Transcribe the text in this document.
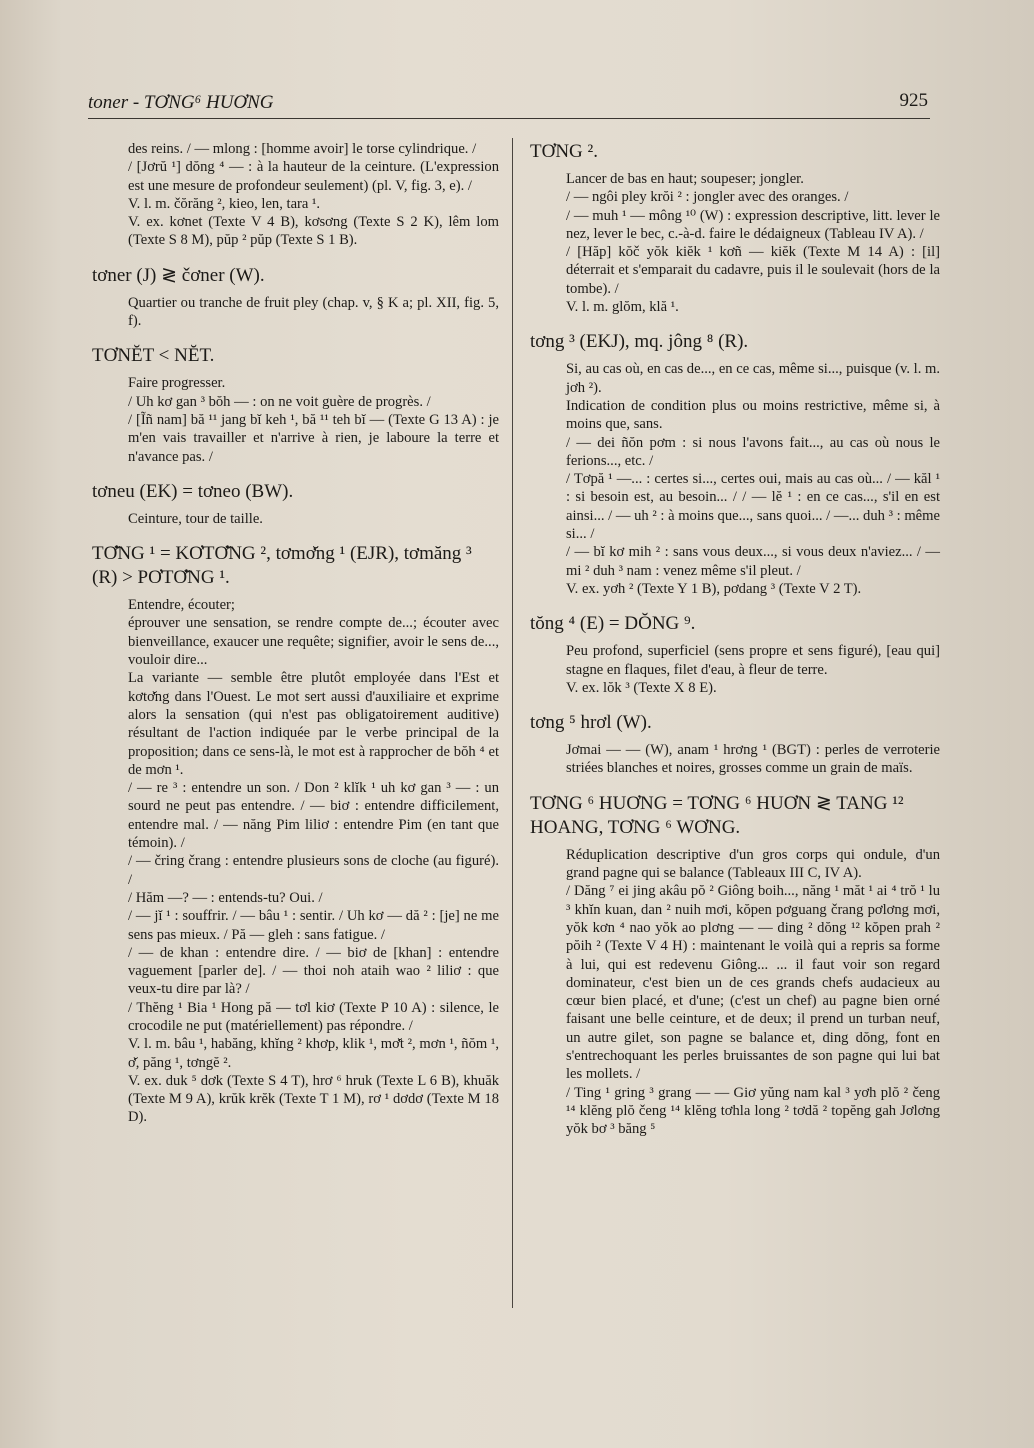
toner - TƠNG⁶ HUƠNG	925

des reins. / — mlong : [homme avoir] le torse cylindrique. /

/ [Jơrŭ ¹] dŏng ⁴ — : à la hauteur de la ceinture. (L'expression est une mesure de profondeur seulement) (pl. V, fig. 3, e). /

V. l. m. čŏrăng ², kieo, len, tara ¹.

V. ex. kơnet (Texte V 4 B), kơsơng (Texte S 2 K), lêm lom (Texte S 8 M), pŭp ² pŭp (Texte S 1 B).

tơner (J) ≷ čơner (W).

Quartier ou tranche de fruit pley (chap. v, § K a; pl. XII, fig. 5, f).

TƠNĔT < NĔT.

Faire progresser.

/ Uh kơ gan ³ bŏh — : on ne voit guère de progrès. /

/ [Ĩñ nam] bă ¹¹ jang bĭ keh ¹, bă ¹¹ teh bĭ — (Texte G 13 A) : je m'en vais travailler et n'arrive à rien, je laboure la terre et n'avance pas. /

tơneu (EK) = tơneo (BW).

Ceinture, tour de taille.

TƠ̆NG ¹ = KƠTƠ̆NG ², tơmơ̆ng ¹ (EJR), tơmăng ³ (R) > PƠTƠ̆NG ¹.

Entendre, écouter;

éprouver une sensation, se rendre compte de...; écouter avec bienveillance, exaucer une requête; signifier, avoir le sens de..., vouloir dire...

La variante — semble être plutôt employée dans l'Est et kơtơ̆ng dans l'Ouest. Le mot sert aussi d'auxiliaire et exprime alors la sensation (qui n'est pas obligatoirement auditive) résultant de l'action indiquée par le verbe principal de la proposition; dans ce sens-là, le mot est à rapprocher de bŏh ⁴ et de mơn ¹.

/ — re ³ : entendre un son. / Don ² klĭk ¹ uh kơ gan ³ — : un sourd ne peut pas entendre. / — biơ : entendre difficilement, entendre mal. / — năng Pim liliơ : entendre Pim (en tant que témoin). /

/ — čring črang : entendre plusieurs sons de cloche (au figuré). /

/ Hăm —? — : entends-tu? Oui. /

/ — jĭ ¹ : souffrir. / — bâu ¹ : sentir. / Uh kơ — dă ² : [je] ne me sens pas mieux. / Pă — gleh : sans fatigue. /

/ — de khan : entendre dire. / — biơ de [khan] : entendre vaguement [parler de]. / — thoi noh ataih wao ² liliơ : que veux-tu dire par là? /

/ Thĕng ¹ Bia ¹ Hong pă — tơl kiơ (Texte P 10 A) : silence, le crocodile ne put (matériellement) pas répondre. /

V. l. m. bâu ¹, habăng, khĭng ² khơp, klik ¹, mơ̆t ², mơn ¹, ñŏm ¹, ơ̆, păng ¹, tơngĕ ².

V. ex. duk ⁵ dơk (Texte S 4 T), hrơ ⁶ hruk (Texte L 6 B), khuăk (Texte M 9 A), krŭk krĕk (Texte T 1 M), rơ ¹ dơdơ (Texte M 18 D).

TƠNG ².

Lancer de bas en haut; soupeser; jongler.

/ — ngôi pley krŏi ² : jongler avec des oranges. /

/ — muh ¹ — mông ¹⁰ (W) : expression descriptive, litt. lever le nez, lever le bec, c.-à-d. faire le dédaigneux (Tableau IV A). /

/ [Hăp] kŏč yŏk kiĕk ¹ kơñ — kiĕk (Texte M 14 A) : [il] déterrait et s'emparait du cadavre, puis il le soulevait (hors de la tombe). /

V. l. m. glŏm, klă ¹.

tơng ³ (EKJ), mq. jông ⁸ (R).

Si, au cas où, en cas de..., en ce cas, même si..., puisque (v. l. m. jơh ²).

Indication de condition plus ou moins restrictive, même si, à moins que, sans.

/ — dei ñŏn pơm : si nous l'avons fait..., au cas où nous le ferions..., etc. /

/ Tơpă ¹ —... : certes si..., certes oui, mais au cas où... / — kăl ¹ : si besoin est, au besoin... / / — lĕ ¹ : en ce cas..., s'il en est ainsi... / — uh ² : à moins que..., sans quoi... / —... duh ³ : même si... /

/ — bĭ kơ mih ² : sans vous deux..., si vous deux n'aviez... / — mi ² duh ³ nam : venez même s'il pleut. /

V. ex. yơh ² (Texte Y 1 B), pơdang ³ (Texte V 2 T).

tŏng ⁴ (E) = DŎNG ⁹.

Peu profond, superficiel (sens propre et sens figuré), [eau qui] stagne en flaques, filet d'eau, à fleur de terre.

V. ex. lŏk ³ (Texte X 8 E).

tơng ⁵ hrơl (W).

Jơmai — — (W), anam ¹ hrơng ¹ (BGT) : perles de verroterie striées blanches et noires, grosses comme un grain de maïs.

TƠNG ⁶ HUƠNG = TƠNG ⁶ HUƠN ≷ TANG ¹² HOANG, TƠNG ⁶ WƠNG.

Réduplication descriptive d'un gros corps qui ondule, d'un grand pagne qui se balance (Tableaux III C, IV A).

/ Dăng ⁷ ei jing akâu pŏ ² Giông boih..., năng ¹ măt ¹ ai ⁴ trŏ ¹ lu ³ khĭn kuan, dan ² nuih mơi, kŏpen pơguang črang pơlơng mơi, yŏk kơn ⁴ nao yŏk ao plơng — — ding ² dŏng ¹² kŏpen prah ² pŏih ² (Texte V 4 H) : maintenant le voilà qui a repris sa forme à lui, qui est redevenu Giông... ... il faut voir son regard dominateur, c'est bien un de ces grands chefs audacieux au cœur bien placé, et d'une; (c'est un chef) au pagne bien orné faisant une belle ceinture, et de deux; il prend un turban neuf, un autre gilet, son pagne se balance et, ding dŏng, font en s'entrechoquant les perles bruissantes de son pagne qui lui bat les mollets. /

/ Ting ¹ gring ³ grang — — Giơ yŭng nam kal ³ yơh plŏ ² čeng ¹⁴ klĕng plŏ čeng ¹⁴ klĕng tơhla long ² tơdă ² topĕng gah Jơlơng yŏk bơ ³ băng ⁵
